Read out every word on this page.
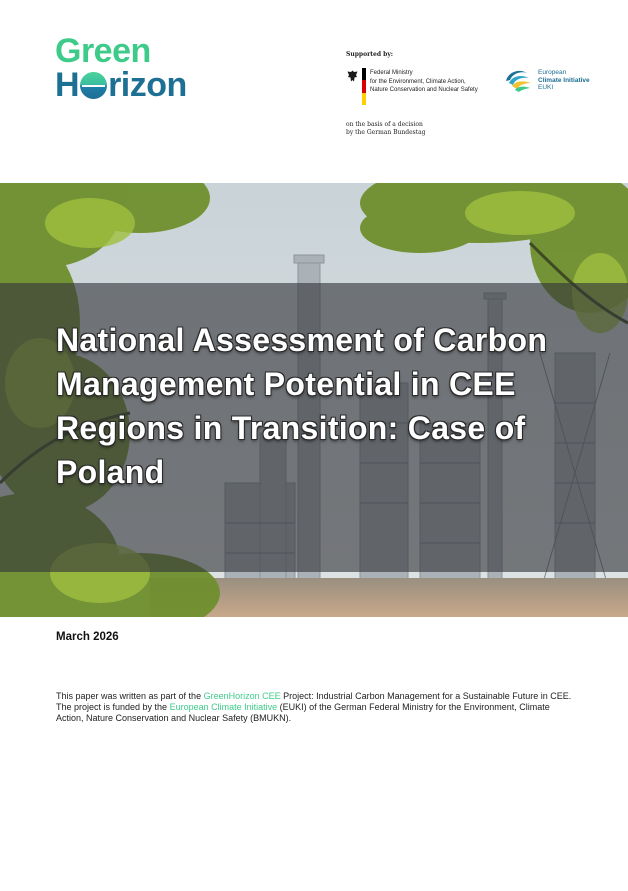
Green
H rizon
Supported by:
Federal Ministry
for the Environment, Climate Action,
Nature Conservation and Nuclear Safety
on the basis of a decision
by the German Bundestag
European
Climate Initiative
EUKI
National Assessment of Carbon Management Potential in CEE Regions in Transition: Case of Poland
March 2026

This paper was written as part of the GreenHorizon CEE Project: Industrial Carbon Management for a Sustainable Future in CEE. The project is funded by the European Climate Initiative (EUKI) of the German Federal Ministry for the Environment, Climate Action, Nature Conservation and Nuclear Safety (BMUKN).
